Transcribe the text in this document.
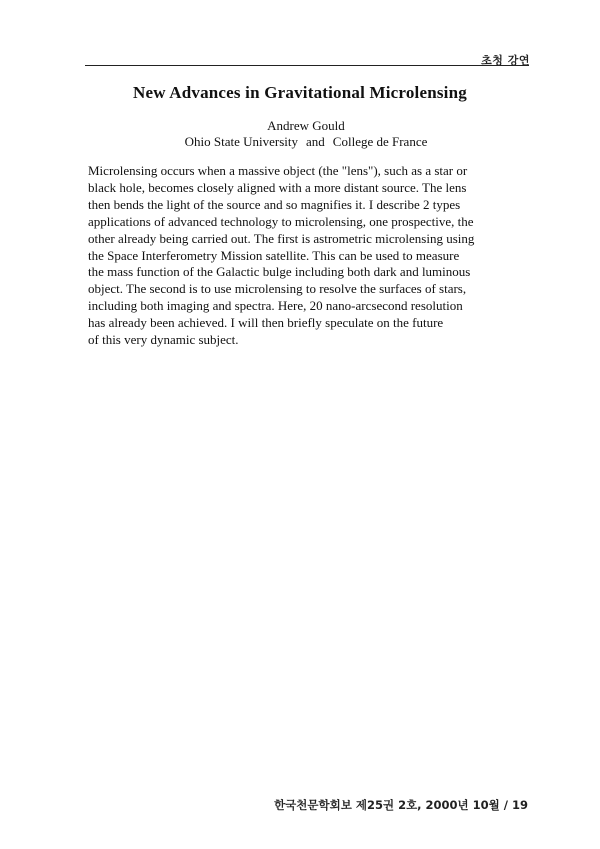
초청 강연
New Advances in Gravitational Microlensing

Andrew Gould

Ohio State University and College de France

Microlensing occurs when a massive object (the "lens"), such as a star or
black hole, becomes closely aligned with a more distant source. The lens
then bends the light of the source and so magnifies it. I describe 2 types
applications of advanced technology to microlensing, one prospective, the
other already being carried out. The first is astrometric microlensing using
the Space Interferometry Mission satellite. This can be used to measure
the mass function of the Galactic bulge including both dark and luminous
object. The second is to use microlensing to resolve the surfaces of stars,
including both imaging and spectra. Here, 20 nano-arcsecond resolution
has already been achieved. I will then briefly speculate on the future
of this very dynamic subject.
한국천문학회보 제25권 2호, 2000년 10월 / 19
